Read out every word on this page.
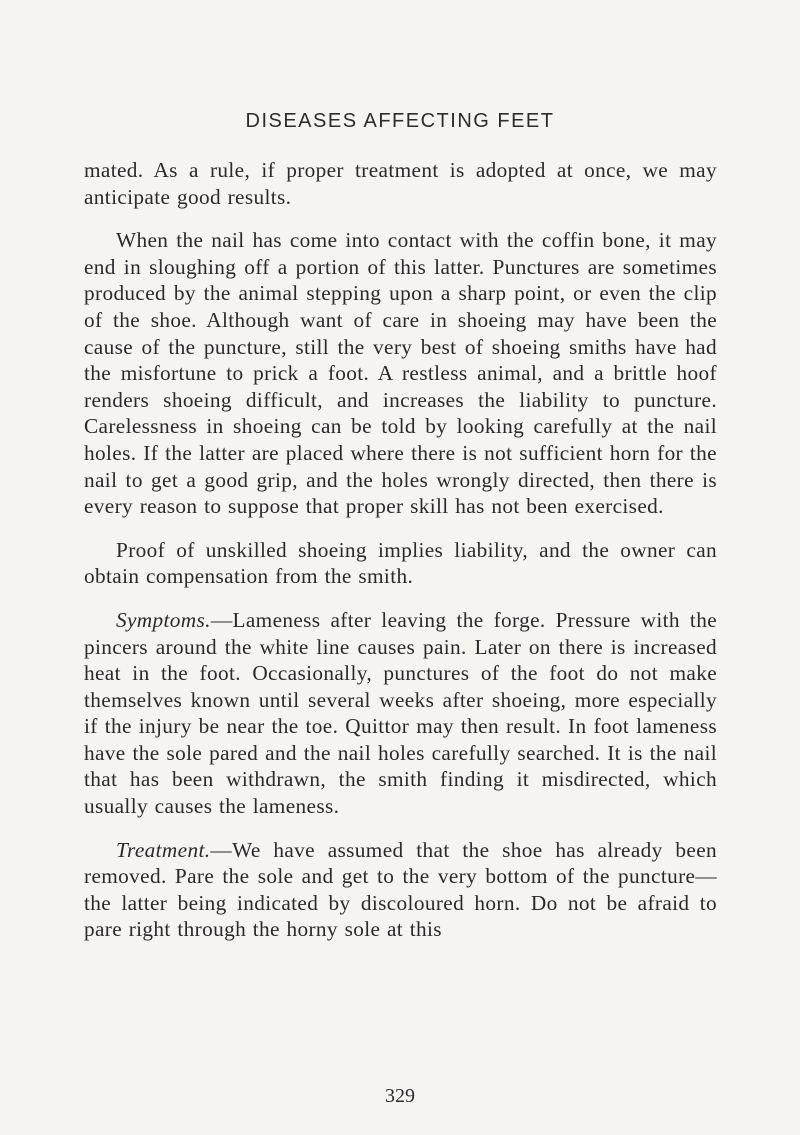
DISEASES AFFECTING FEET

mated. As a rule, if proper treatment is adopted at once, we may anticipate good results.

When the nail has come into contact with the coffin bone, it may end in sloughing off a portion of this latter. Punctures are sometimes produced by the animal stepping upon a sharp point, or even the clip of the shoe. Although want of care in shoeing may have been the cause of the puncture, still the very best of shoeing smiths have had the misfortune to prick a foot. A restless animal, and a brittle hoof renders shoeing difficult, and increases the liability to puncture. Carelessness in shoeing can be told by looking carefully at the nail holes. If the latter are placed where there is not sufficient horn for the nail to get a good grip, and the holes wrongly directed, then there is every reason to suppose that proper skill has not been exercised.

Proof of unskilled shoeing implies liability, and the owner can obtain compensation from the smith.

Symptoms.—Lameness after leaving the forge. Pressure with the pincers around the white line causes pain. Later on there is increased heat in the foot. Occasionally, punctures of the foot do not make themselves known until several weeks after shoeing, more especially if the injury be near the toe. Quittor may then result. In foot lameness have the sole pared and the nail holes carefully searched. It is the nail that has been withdrawn, the smith finding it misdirected, which usually causes the lameness.

Treatment.—We have assumed that the shoe has already been removed. Pare the sole and get to the very bottom of the puncture—the latter being indicated by discoloured horn. Do not be afraid to pare right through the horny sole at this

329
